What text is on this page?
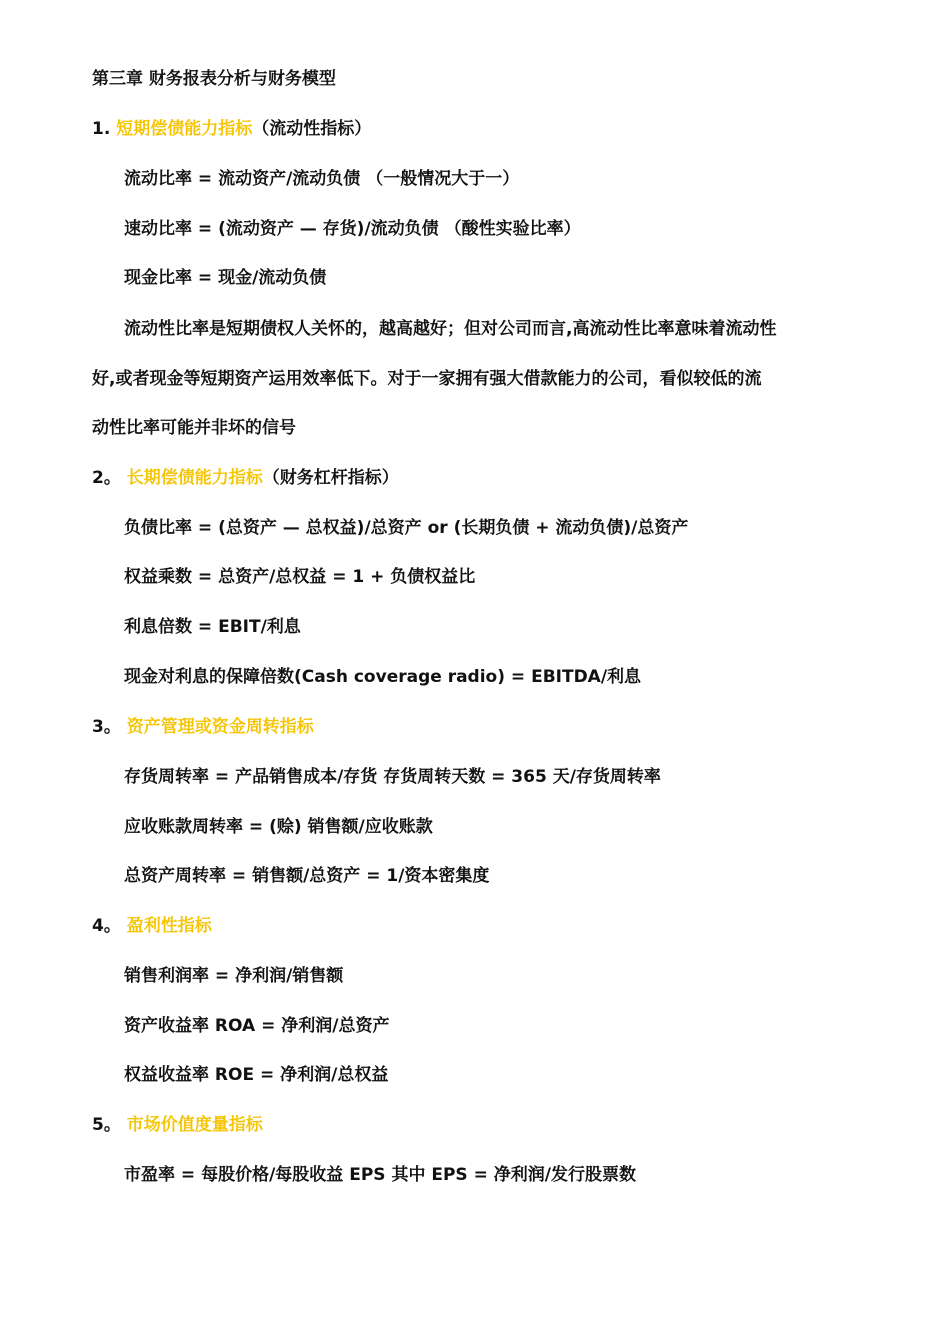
第三章 财务报表分析与财务模型
1. 短期偿债能力指标（流动性指标）
流动比率 = 流动资产/流动负债 （一般情况大于一）
速动比率 = (流动资产 — 存货)/流动负债 （酸性实验比率）
现金比率 = 现金/流动负债
流动性比率是短期债权人关怀的，越高越好；但对公司而言,高流动性比率意味着流动性
好,或者现金等短期资产运用效率低下。对于一家拥有强大借款能力的公司，看似较低的流
动性比率可能并非坏的信号
2。 长期偿债能力指标（财务杠杆指标）
负债比率 = (总资产 — 总权益)/总资产 or (长期负债 + 流动负债)/总资产
权益乘数 = 总资产/总权益 = 1 + 负债权益比
利息倍数 = EBIT/利息
现金对利息的保障倍数(Cash coverage radio) = EBITDA/利息
3。 资产管理或资金周转指标
存货周转率 = 产品销售成本/存货 存货周转天数 = 365 天/存货周转率
应收账款周转率 = (赊) 销售额/应收账款
总资产周转率 = 销售额/总资产 = 1/资本密集度
4。 盈利性指标
销售利润率 = 净利润/销售额
资产收益率 ROA = 净利润/总资产
权益收益率 ROE = 净利润/总权益
5。 市场价值度量指标
市盈率 = 每股价格/每股收益 EPS 其中 EPS = 净利润/发行股票数
